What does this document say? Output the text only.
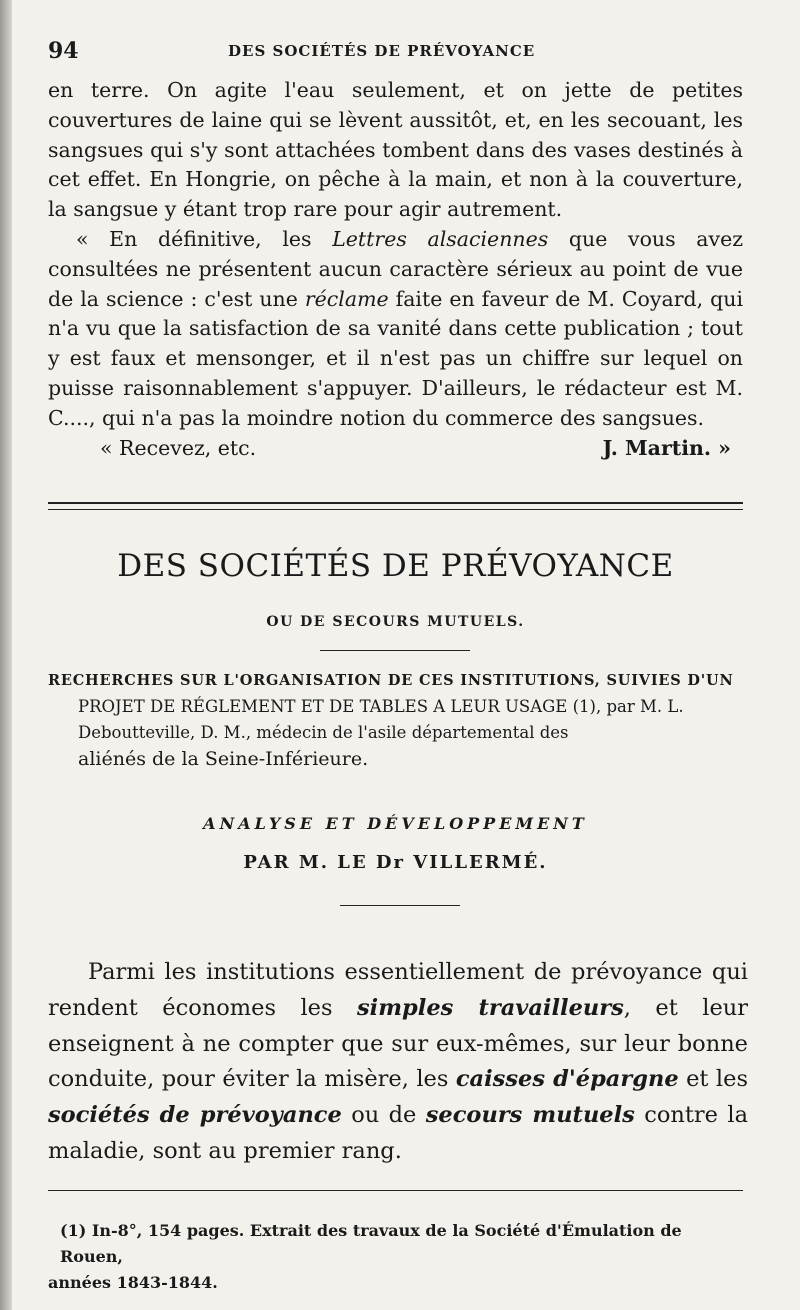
94	DES SOCIÉTÉS DE PRÉVOYANCE

en terre. On agite l'eau seulement, et on jette de petites couvertures de laine qui se lèvent aussitôt, et, en les secouant, les sangsues qui s'y sont attachées tombent dans des vases destinés à cet effet. En Hongrie, on pêche à la main, et non à la couverture, la sangsue y étant trop rare pour agir autrement.

« En définitive, les Lettres alsaciennes que vous avez consultées ne présentent aucun caractère sérieux au point de vue de la science : c'est une réclame faite en faveur de M. Coyard, qui n'a vu que la satisfaction de sa vanité dans cette publication ; tout y est faux et mensonger, et il n'est pas un chiffre sur lequel on puisse raisonnablement s'appuyer. D'ailleurs, le rédacteur est M. C...., qui n'a pas la moindre notion du commerce des sangsues.

« Recevez, etc.	J. Martin. »
DES SOCIÉTÉS DE PRÉVOYANCE
OU DE SECOURS MUTUELS.
RECHERCHES SUR L'ORGANISATION DE CES INSTITUTIONS, SUIVIES D'UN
PROJET DE RÉGLEMENT ET DE TABLES A LEUR USAGE (1), par M. L. Deboutteville, D. M., médecin de l'asile départemental des
aliénés de la Seine-Inférieure.
ANALYSE ET DÉVELOPPEMENT
PAR M. LE Dr VILLERMÉ.

Parmi les institutions essentiellement de prévoyance qui rendent économes les simples travailleurs, et leur enseignent à ne compter que sur eux-mêmes, sur leur bonne conduite, pour éviter la misère, les caisses d'épargne et les sociétés de prévoyance ou de secours mutuels contre la maladie, sont au premier rang.

(1) In-8°, 154 pages. Extrait des travaux de la Société d'Émulation de Rouen,

années 1843-1844.
